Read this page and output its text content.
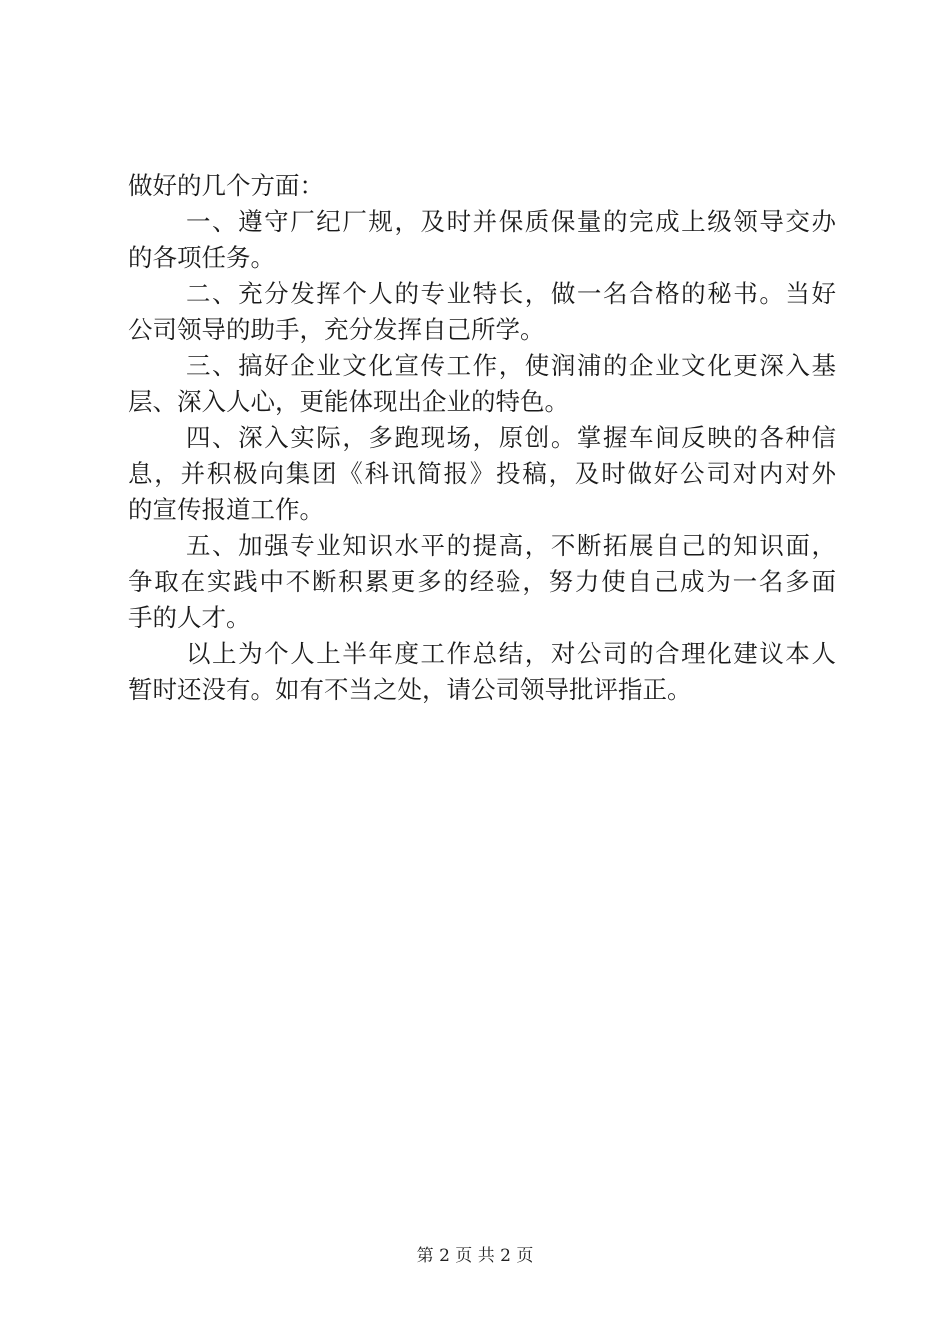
做好的几个方面：
一、遵守厂纪厂规，及时并保质保量的完成上级领导交办
的各项任务。
二、充分发挥个人的专业特长，做一名合格的秘书。当好
公司领导的助手，充分发挥自己所学。
三、搞好企业文化宣传工作，使润浦的企业文化更深入基
层、深入人心，更能体现出企业的特色。
四、深入实际，多跑现场，原创。掌握车间反映的各种信
息，并积极向集团《科讯简报》投稿，及时做好公司对内对外
的宣传报道工作。
五、加强专业知识水平的提高，不断拓展自己的知识面，
争取在实践中不断积累更多的经验，努力使自己成为一名多面
手的人才。
以上为个人上半年度工作总结，对公司的合理化建议本人
暂时还没有。如有不当之处，请公司领导批评指正。
第 2 页 共 2 页
